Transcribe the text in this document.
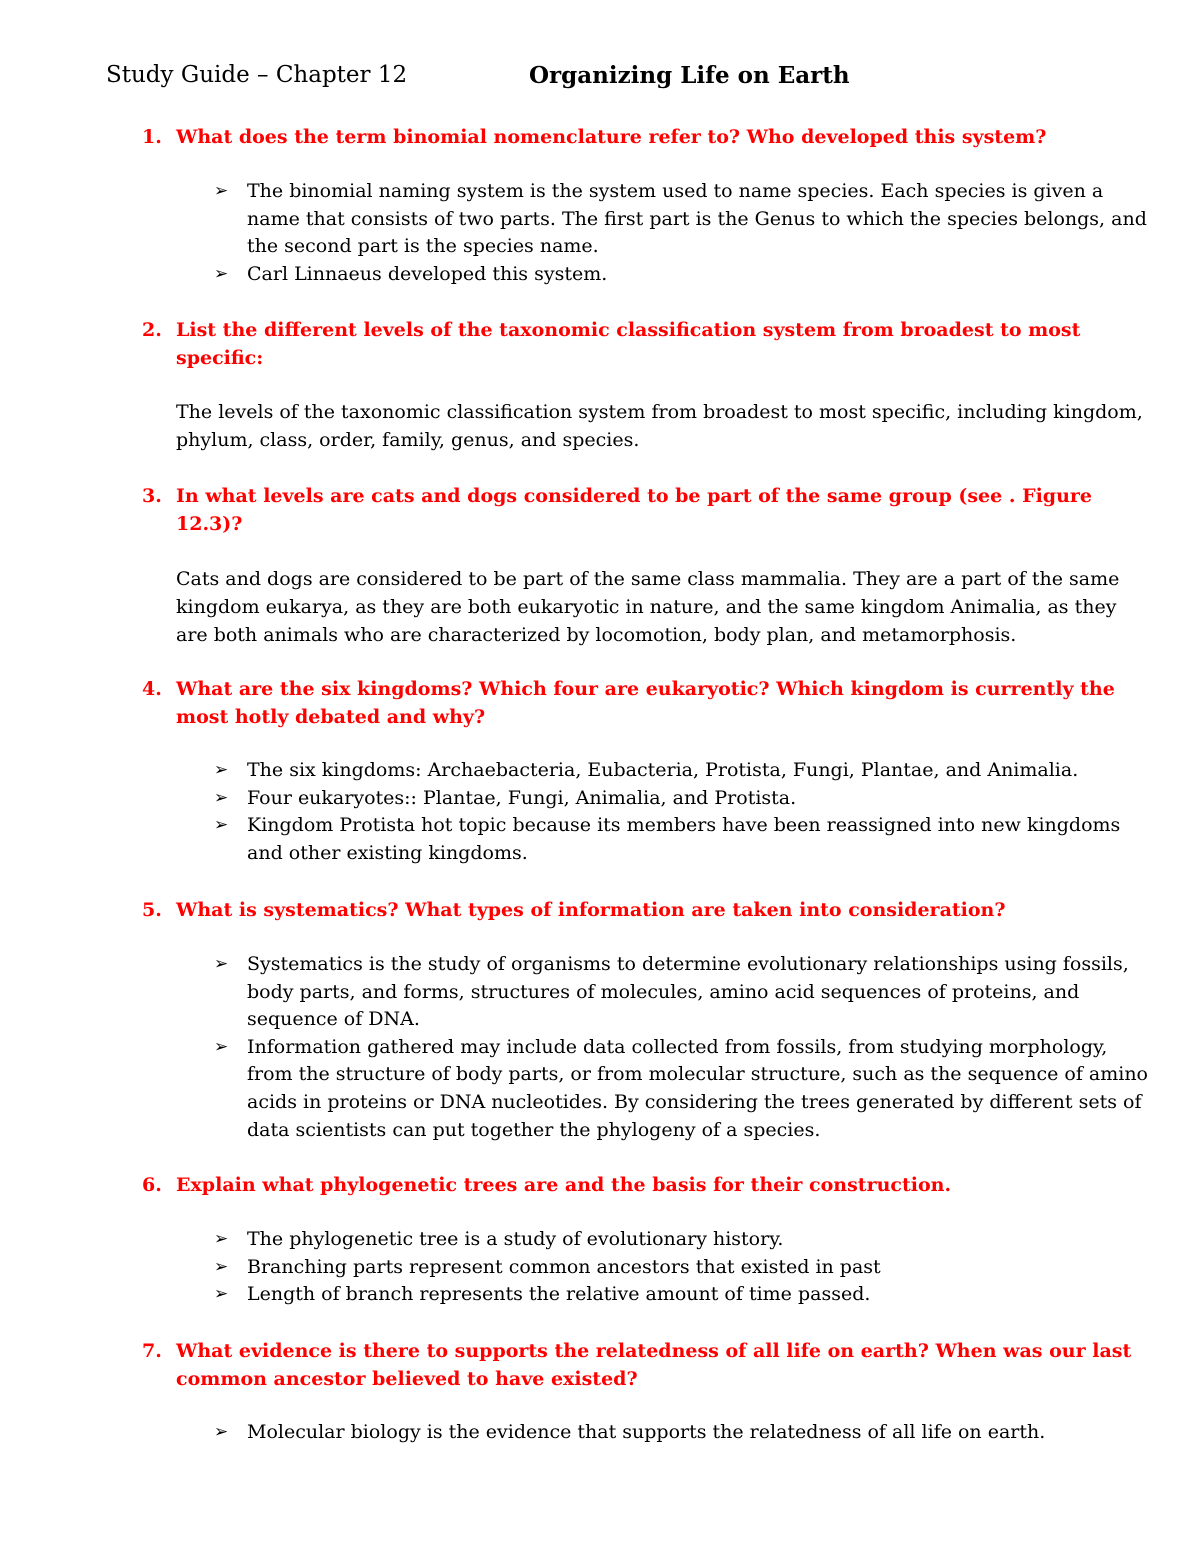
Study Guide – Chapter 12	Organizing Life on Earth
1. What does the term binomial nomenclature refer to? Who developed this system?
➢ The binomial naming system is the system used to name species. Each species is given a name that consists of two parts. The first part is the Genus to which the species belongs, and the second part is the species name.
➢ Carl Linnaeus developed this system.
2. List the different levels of the taxonomic classification system from broadest to most specific:
The levels of the taxonomic classification system from broadest to most specific, including kingdom, phylum, class, order, family, genus, and species.
3. In what levels are cats and dogs considered to be part of the same group (see . Figure 12.3)?
Cats and dogs are considered to be part of the same class mammalia. They are a part of the same kingdom eukarya, as they are both eukaryotic in nature, and the same kingdom Animalia, as they are both animals who are characterized by locomotion, body plan, and metamorphosis.
4. What are the six kingdoms? Which four are eukaryotic? Which kingdom is currently the most hotly debated and why?
➢ The six kingdoms: Archaebacteria, Eubacteria, Protista, Fungi, Plantae, and Animalia.
➢ Four eukaryotes:: Plantae, Fungi, Animalia, and Protista.
➢ Kingdom Protista hot topic because its members have been reassigned into new kingdoms and other existing kingdoms.
5. What is systematics? What types of information are taken into consideration?
➢ Systematics is the study of organisms to determine evolutionary relationships using fossils, body parts, and forms, structures of molecules, amino acid sequences of proteins, and sequence of DNA.
➢ Information gathered may include data collected from fossils, from studying morphology, from the structure of body parts, or from molecular structure, such as the sequence of amino acids in proteins or DNA nucleotides. By considering the trees generated by different sets of data scientists can put together the phylogeny of a species.
6. Explain what phylogenetic trees are and the basis for their construction.
➢ The phylogenetic tree is a study of evolutionary history.
➢ Branching parts represent common ancestors that existed in past
➢ Length of branch represents the relative amount of time passed.
7. What evidence is there to supports the relatedness of all life on earth? When was our last common ancestor believed to have existed?
➢ Molecular biology is the evidence that supports the relatedness of all life on earth.
